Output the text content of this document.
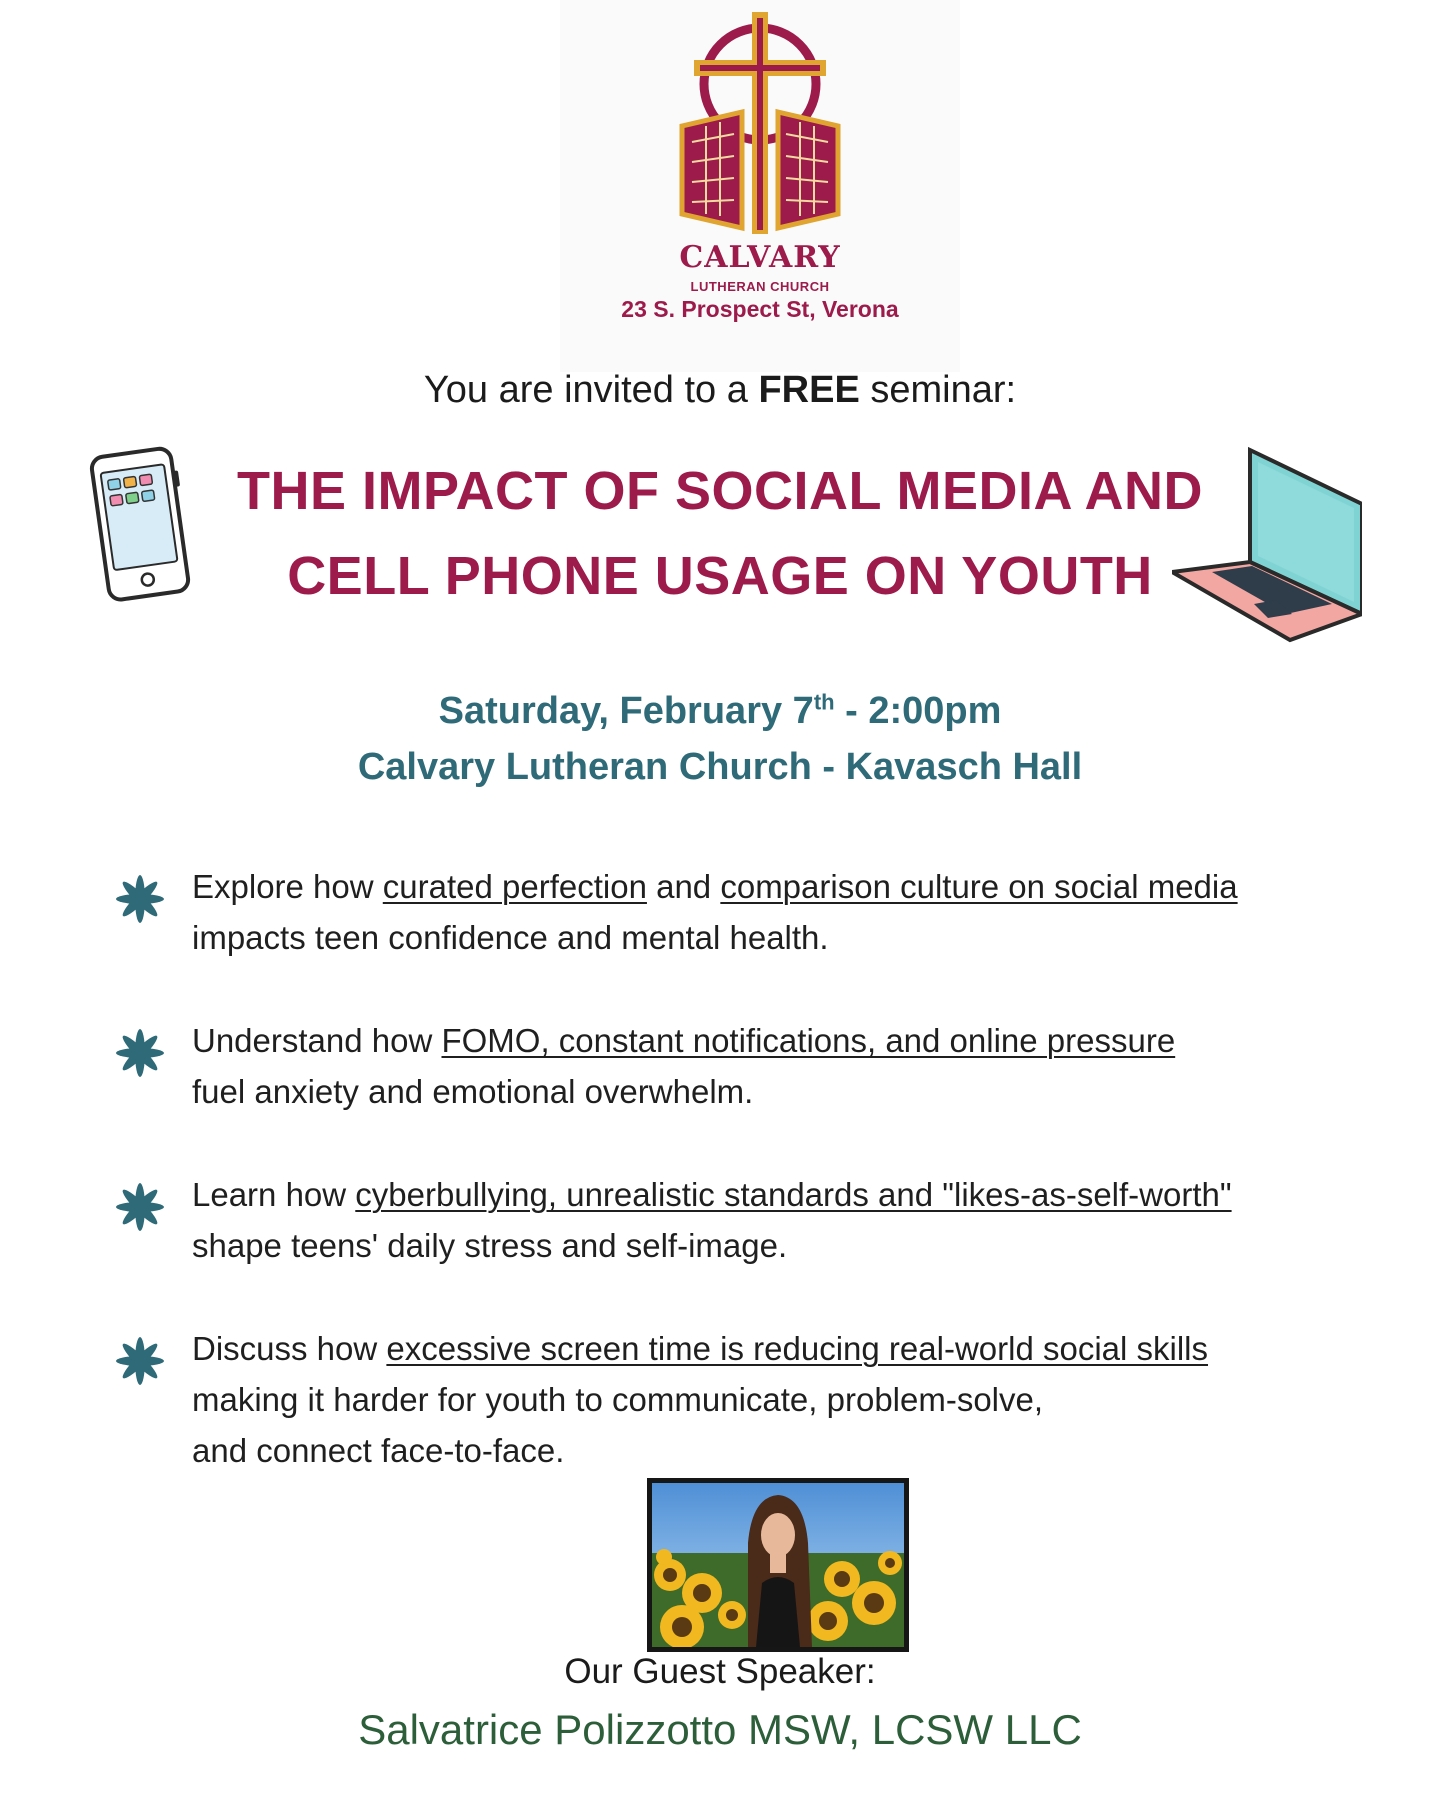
CALVARY
LUTHERAN CHURCH
23 S. Prospect St, Verona
You are invited to a FREE seminar:
THE IMPACT OF SOCIAL MEDIA AND
CELL PHONE USAGE ON YOUTH
Saturday, February 7th - 2:00pm
Calvary Lutheran Church - Kavasch Hall
Explore how curated perfection and comparison culture on social media
impacts teen confidence and mental health.
Understand how FOMO, constant notifications, and online pressure
fuel anxiety and emotional overwhelm.
Learn how cyberbullying, unrealistic standards and "likes-as-self-worth"
shape teens' daily stress and self-image.
Discuss how excessive screen time is reducing real-world social skills
making it harder for youth to communicate, problem-solve,
and connect face-to-face.
Our Guest Speaker:
Salvatrice Polizzotto MSW, LCSW LLC
